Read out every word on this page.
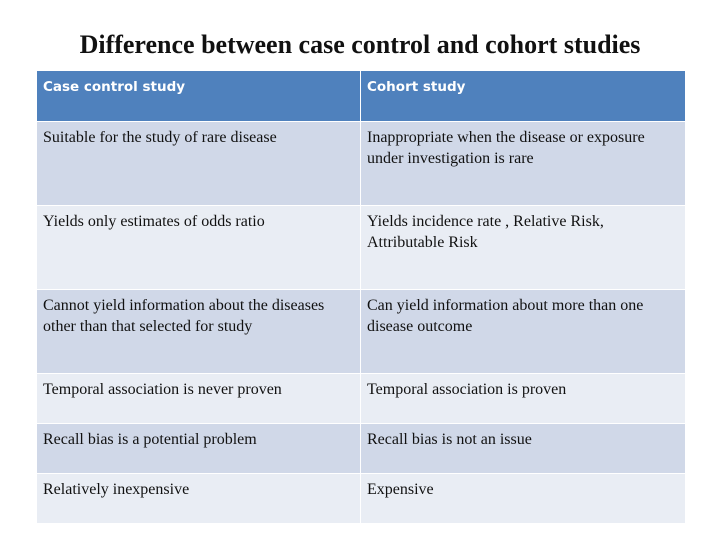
Difference between case control and cohort studies
Case control study	Cohort study
Suitable for the study of rare disease	Inappropriate when the disease or exposure under investigation is rare
Yields only estimates of odds ratio	Yields incidence rate , Relative Risk, Attributable Risk
Cannot yield information about the diseases other than that selected for study	Can yield information about more than one disease outcome
Temporal association is never proven	Temporal association is proven
Recall bias is a potential problem	Recall bias is not an issue
Relatively inexpensive	Expensive
